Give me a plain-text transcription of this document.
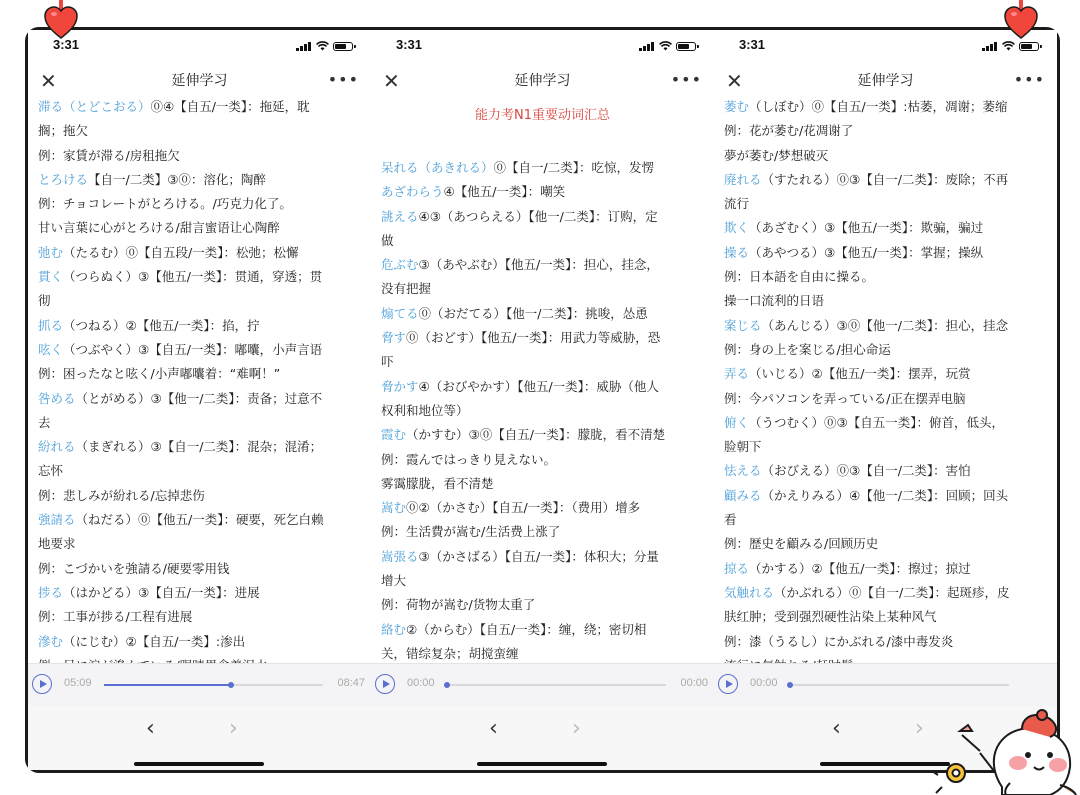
3:31
✕	延伸学习	•••
滞る（とどこおる）⓪④【自五/一类】：拖延，耽
搁；拖欠
例：家賃が滞る/房租拖欠
とろける【自一/二类】③⓪：溶化；陶醉
例：チョコレートがとろける。/巧克力化了。
甘い言葉に心がとろける/甜言蜜语让心陶醉
弛む（たるむ）⓪【自五段/一类】：松弛；松懈
貫く（つらぬく）③【他五/一类】：贯通，穿透；贯
彻
抓る（つねる）②【他五/一类】：掐，拧
呟く（つぶやく）③【自五/一类】：嘟囔，小声言语
例：困ったなと呟く/小声嘟囔着：“难啊！”
咎める（とがめる）③【他一/二类】：责备；过意不
去
紛れる（まぎれる）③【自一/二类】：混杂；混淆；
忘怀
例：悲しみが紛れる/忘掉悲伤
強請る（ねだる）⓪【他五/一类】：硬要，死乞白赖
地要求
例：こづかいを強請る/硬要零用钱
捗る（はかどる）③【自五/一类】：进展
例：工事が捗る/工程有进展
滲む（にじむ）②【自五/一类】:渗出
05:09	08:47
‹	›
3:31
✕	延伸学习	•••
能力考N1重要动词汇总
呆れる（あきれる）⓪【自一/二类】：吃惊，发愣
あざわらう④【他五/一类】：嘲笑
誂える④③（あつらえる）【他一/二类】：订购，定
做
危ぶむ③（あやぶむ）【他五/一类】：担心，挂念，
没有把握
煽てる⓪（おだてる）【他一/二类】：挑唆，怂恿
脅す⓪（おどす）【他五/一类】：用武力等威胁，恐
吓
脅かす④（おびやかす）【他五/一类】：威胁（他人
权利和地位等）
霞む（かすむ）③⓪【自五/一类】：朦胧，看不清楚
例：霞んではっきり見えない。
雾霭朦胧，看不清楚
嵩む⓪②（かさむ）【自五/一类】：（费用）增多
例：生活費が嵩む/生活费上涨了
嵩張る③（かさばる）【自五/一类】：体积大；分量
增大
例：荷物が嵩む/货物太重了
絡む②（からむ）【自五/一类】：缠，绕；密切相
关，错综复杂；胡搅蛮缠
00:00	00:00
‹	›
3:31
✕	延伸学习	•••
萎む（しぼむ）⓪【自五/一类】:枯萎，凋谢；萎缩
例：花が萎む/花凋谢了
夢が萎む/梦想破灭
廃れる（すたれる）⓪③【自一/二类】：废除；不再
流行
欺く（あざむく）③【他五/一类】：欺骗，骗过
操る（あやつる）③【他五/一类】：掌握；操纵
例：日本語を自由に操る。
操一口流利的日语
案じる（あんじる）③⓪【他一/二类】：担心，挂念
例：身の上を案じる/担心命运
弄る（いじる）②【他五/一类】：摆弄，玩赏
例：今パソコンを弄っている/正在摆弄电脑
俯く（うつむく）⓪③【自五一类】：俯首，低头，
脸朝下
怯える（おびえる）⓪③【自一/二类】：害怕
顧みる（かえりみる）④【他一/二类】：回顾；回头
看
例：歴史を顧みる/回顾历史
掠る（かする）②【他五/一类】：擦过；掠过
気触れる（かぶれる）⓪【自一/二类】：起斑疹，皮
肤红肿；受到强烈硬性沾染上某种风气
例：漆（うるし）にかぶれる/漆中毒发炎
00:00
‹	›
